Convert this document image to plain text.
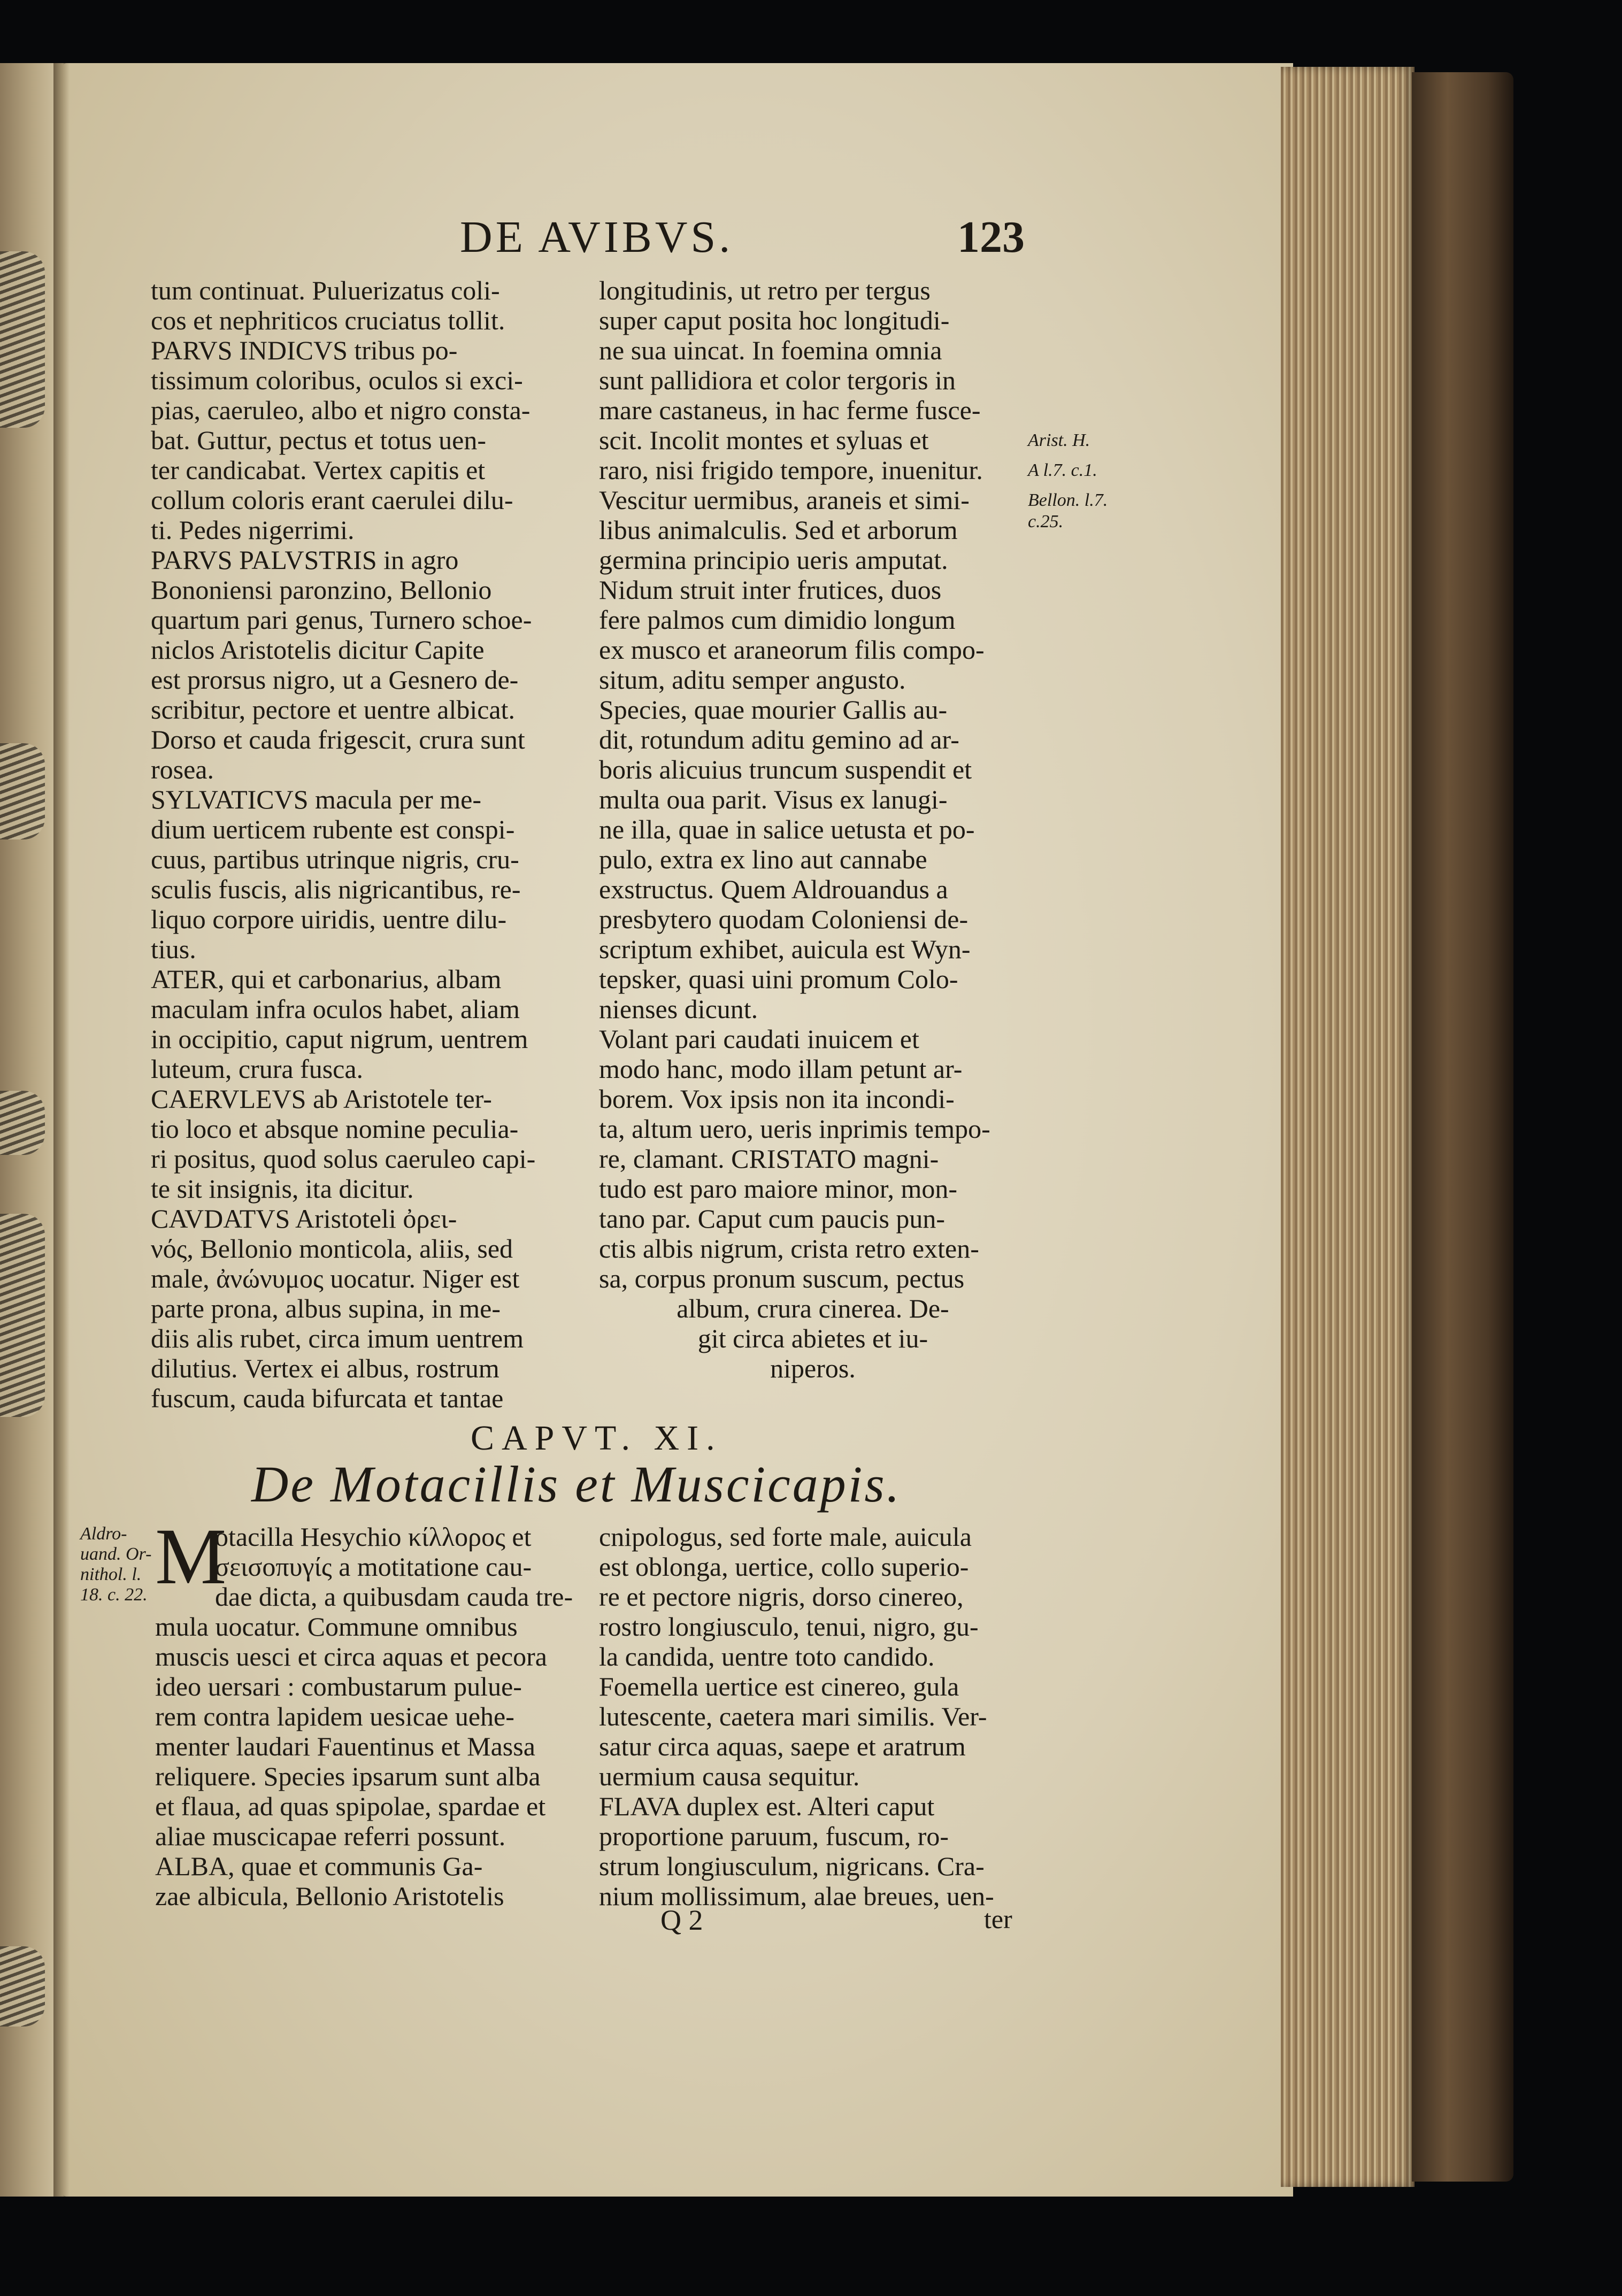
DE AVIBVS.	123
tum continuat. Puluerizatus coli-
cos et nephriticos cruciatus tollit.
PARVS INDICVS tribus po-
tissimum coloribus, oculos si exci-
pias, caeruleo, albo et nigro consta-
bat. Guttur, pectus et totus uen-
ter candicabat. Vertex capitis et
collum coloris erant caerulei dilu-
ti. Pedes nigerrimi.
PARVS PALVSTRIS in agro
Bononiensi paronzino, Bellonio
quartum pari genus, Turnero schoe-
niclos Aristotelis dicitur Capite
est prorsus nigro, ut a Gesnero de-
scribitur, pectore et uentre albicat.
Dorso et cauda frigescit, crura sunt
rosea.
SYLVATICVS macula per me-
dium uerticem rubente est conspi-
cuus, partibus utrinque nigris, cru-
sculis fuscis, alis nigricantibus, re-
liquo corpore uiridis, uentre dilu-
tius.
ATER, qui et carbonarius, albam
maculam infra oculos habet, aliam
in occipitio, caput nigrum, uentrem
luteum, crura fusca.
CAERVLEVS ab Aristotele ter-
tio loco et absque nomine peculia-
ri positus, quod solus caeruleo capi-
te sit insignis, ita dicitur.
CAVDATVS Aristoteli ὀρει-
νός, Bellonio monticola, aliis, sed
male, ἀνώνυμος uocatur. Niger est
parte prona, albus supina, in me-
diis alis rubet, circa imum uentrem
dilutius. Vertex ei albus, rostrum
fuscum, cauda bifurcata et tantae
longitudinis, ut retro per tergus
super caput posita hoc longitudi-
ne sua uincat. In foemina omnia
sunt pallidiora et color tergoris in
mare castaneus, in hac ferme fusce-
scit. Incolit montes et syluas et
raro, nisi frigido tempore, inuenitur.
Vescitur uermibus, araneis et simi-
libus animalculis. Sed et arborum
germina principio ueris amputat.
Nidum struit inter frutices, duos
fere palmos cum dimidio longum
ex musco et araneorum filis compo-
situm, aditu semper angusto.
Species, quae mourier Gallis au-
dit, rotundum aditu gemino ad ar-
boris alicuius truncum suspendit et
multa oua parit. Visus ex lanugi-
ne illa, quae in salice uetusta et po-
pulo, extra ex lino aut cannabe
exstructus. Quem Aldrouandus a
presbytero quodam Coloniensi de-
scriptum exhibet, auicula est Wyn-
tepsker, quasi uini promum Colo-
nienses dicunt.
Volant pari caudati inuicem et
modo hanc, modo illam petunt ar-
borem. Vox ipsis non ita incondi-
ta, altum uero, ueris inprimis tempo-
re, clamant. CRISTATO magni-
tudo est paro maiore minor, mon-
tano par. Caput cum paucis pun-
ctis albis nigrum, crista retro exten-
sa, corpus pronum suscum, pectus
album, crura cinerea. De-
git circa abietes et iu-
niperos.
Arist. H.
A l.7. c.1.
Bellon. l.7.
c.25.
CAPVT. XI.
De Motacillis et Muscicapis.
Aldro-
uand. Or-
nithol. l.
18. c. 22. M
otacilla Hesychio κίλλορος et
σεισοπυγίς a motitatione cau-
dae dicta, a quibusdam cauda tre-
mula uocatur. Commune omnibus
muscis uesci et circa aquas et pecora
ideo uersari : combustarum pulue-
rem contra lapidem uesicae uehe-
menter laudari Fauentinus et Massa
reliquere. Species ipsarum sunt alba
et flaua, ad quas spipolae, spardae et
aliae muscicapae referri possunt.
ALBA, quae et communis Ga-
zae albicula, Bellonio Aristotelis
cnipologus, sed forte male, auicula
est oblonga, uertice, collo superio-
re et pectore nigris, dorso cinereo,
rostro longiusculo, tenui, nigro, gu-
la candida, uentre toto candido.
Foemella uertice est cinereo, gula
lutescente, caetera mari similis. Ver-
satur circa aquas, saepe et aratrum
uermium causa sequitur.
FLAVA duplex est. Alteri caput
proportione paruum, fuscum, ro-
strum longiusculum, nigricans. Cra-
nium mollissimum, alae breues, uen-
Q 2	ter
